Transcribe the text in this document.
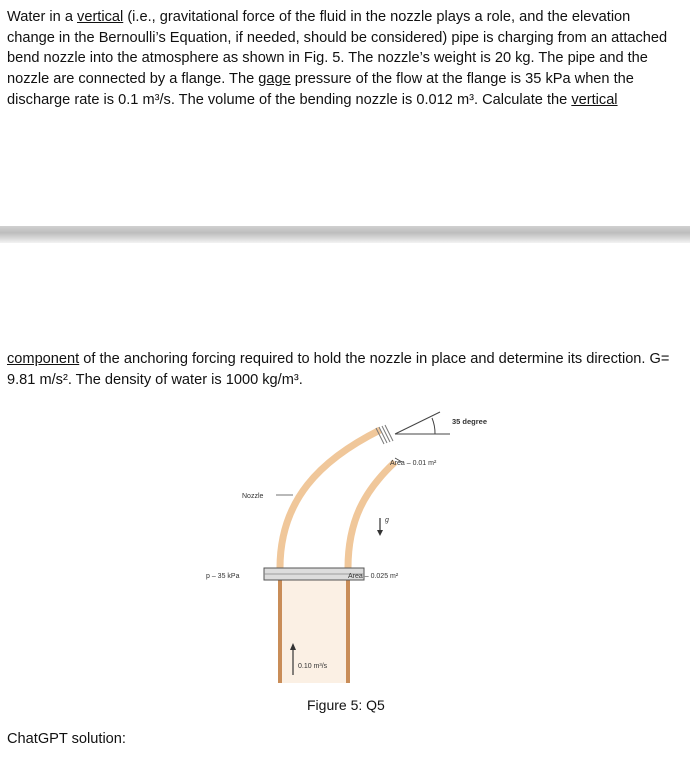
Water in a vertical (i.e., gravitational force of the fluid in the nozzle plays a role, and the elevation
change in the Bernoulli’s Equation, if needed, should be considered) pipe is charging from an attached
bend nozzle into the atmosphere as shown in Fig. 5. The nozzle’s weight is 20 kg. The pipe and the
nozzle are connected by a flange. The gage pressure of the flow at the flange is 35 kPa when the
discharge rate is 0.1 m³/s. The volume of the bending nozzle is 0.012 m³. Calculate the vertical
component of the anchoring forcing required to hold the nozzle in place and determine its direction. G=
9.81 m/s². The density of water is 1000 kg/m³.
35 degree
Area – 0.01 m²
Nozzle
g
p – 35 kPa	Area – 0.025 m²
0.10 m³/s
Figure 5: Q5
ChatGPT solution:
